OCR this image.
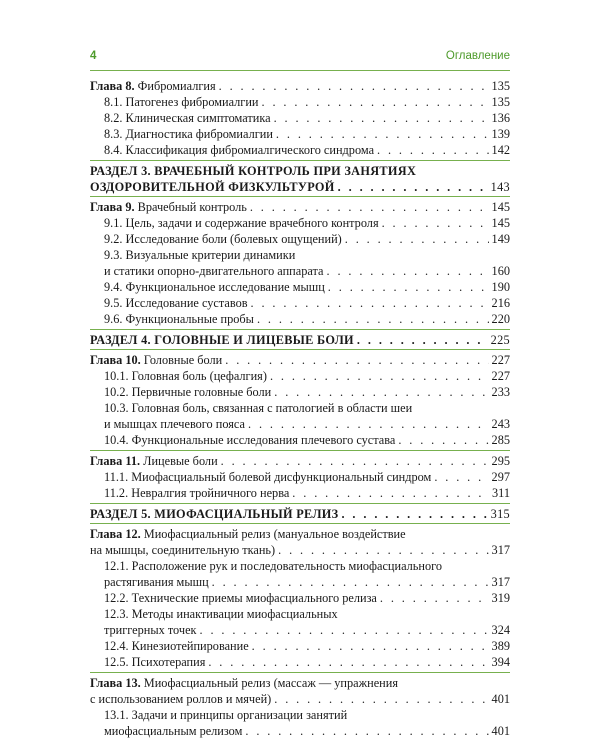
4	Оглавление
Глава 8. Фибромиалгия . . .	135
8.1. Патогенез фибромиалгии . . .	135
8.2. Клиническая симптоматика . . .	136
8.3. Диагностика фибромиалгии . . .	139
8.4. Классификация фибромиалгического синдрома . . .	142
РАЗДЕЛ 3. ВРАЧЕБНЫЙ КОНТРОЛЬ ПРИ ЗАНЯТИЯХ
ОЗДОРОВИТЕЛЬНОЙ ФИЗКУЛЬТУРОЙ . . .	143
Глава 9. Врачебный контроль . . .	145
9.1. Цель, задачи и содержание врачебного контроля . . .	145
9.2. Исследование боли (болевых ощущений) . . .	149
9.3. Визуальные критерии динамики
и статики опорно-двигательного аппарата . . .	160
9.4. Функциональное исследование мышц . . .	190
9.5. Исследование суставов . . .	216
9.6. Функциональные пробы . . .	220
РАЗДЕЛ 4. ГОЛОВНЫЕ И ЛИЦЕВЫЕ БОЛИ . . .	225
Глава 10. Головные боли . . .	227
10.1. Головная боль (цефалгия) . . .	227
10.2. Первичные головные боли . . .	233
10.3. Головная боль, связанная с патологией в области шеи
и мышцах плечевого пояса . . .	243
10.4. Функциональные исследования плечевого сустава . . .	285
Глава 11. Лицевые боли . . .	295
11.1. Миофасциальный болевой дисфункциональный синдром . . .	297
11.2. Невралгия тройничного нерва . . .	311
РАЗДЕЛ 5. МИОФАСЦИАЛЬНЫЙ РЕЛИЗ . . .	315
Глава 12. Миофасциальный релиз (мануальное воздействие
на мышцы, соединительную ткань) . . .	317
12.1. Расположение рук и последовательность миофасциального
растягивания мышц . . .	317
12.2. Технические приемы миофасциального релиза . . .	319
12.3. Методы инактивации миофасциальных
триггерных точек . . .	324
12.4. Кинезиотейпирование . . .	389
12.5. Психотерапия . . .	394
Глава 13. Миофасциальный релиз (массаж — упражнения
с использованием роллов и мячей) . . .	401
13.1. Задачи и принципы организации занятий
миофасциальным релизом . . .	401
